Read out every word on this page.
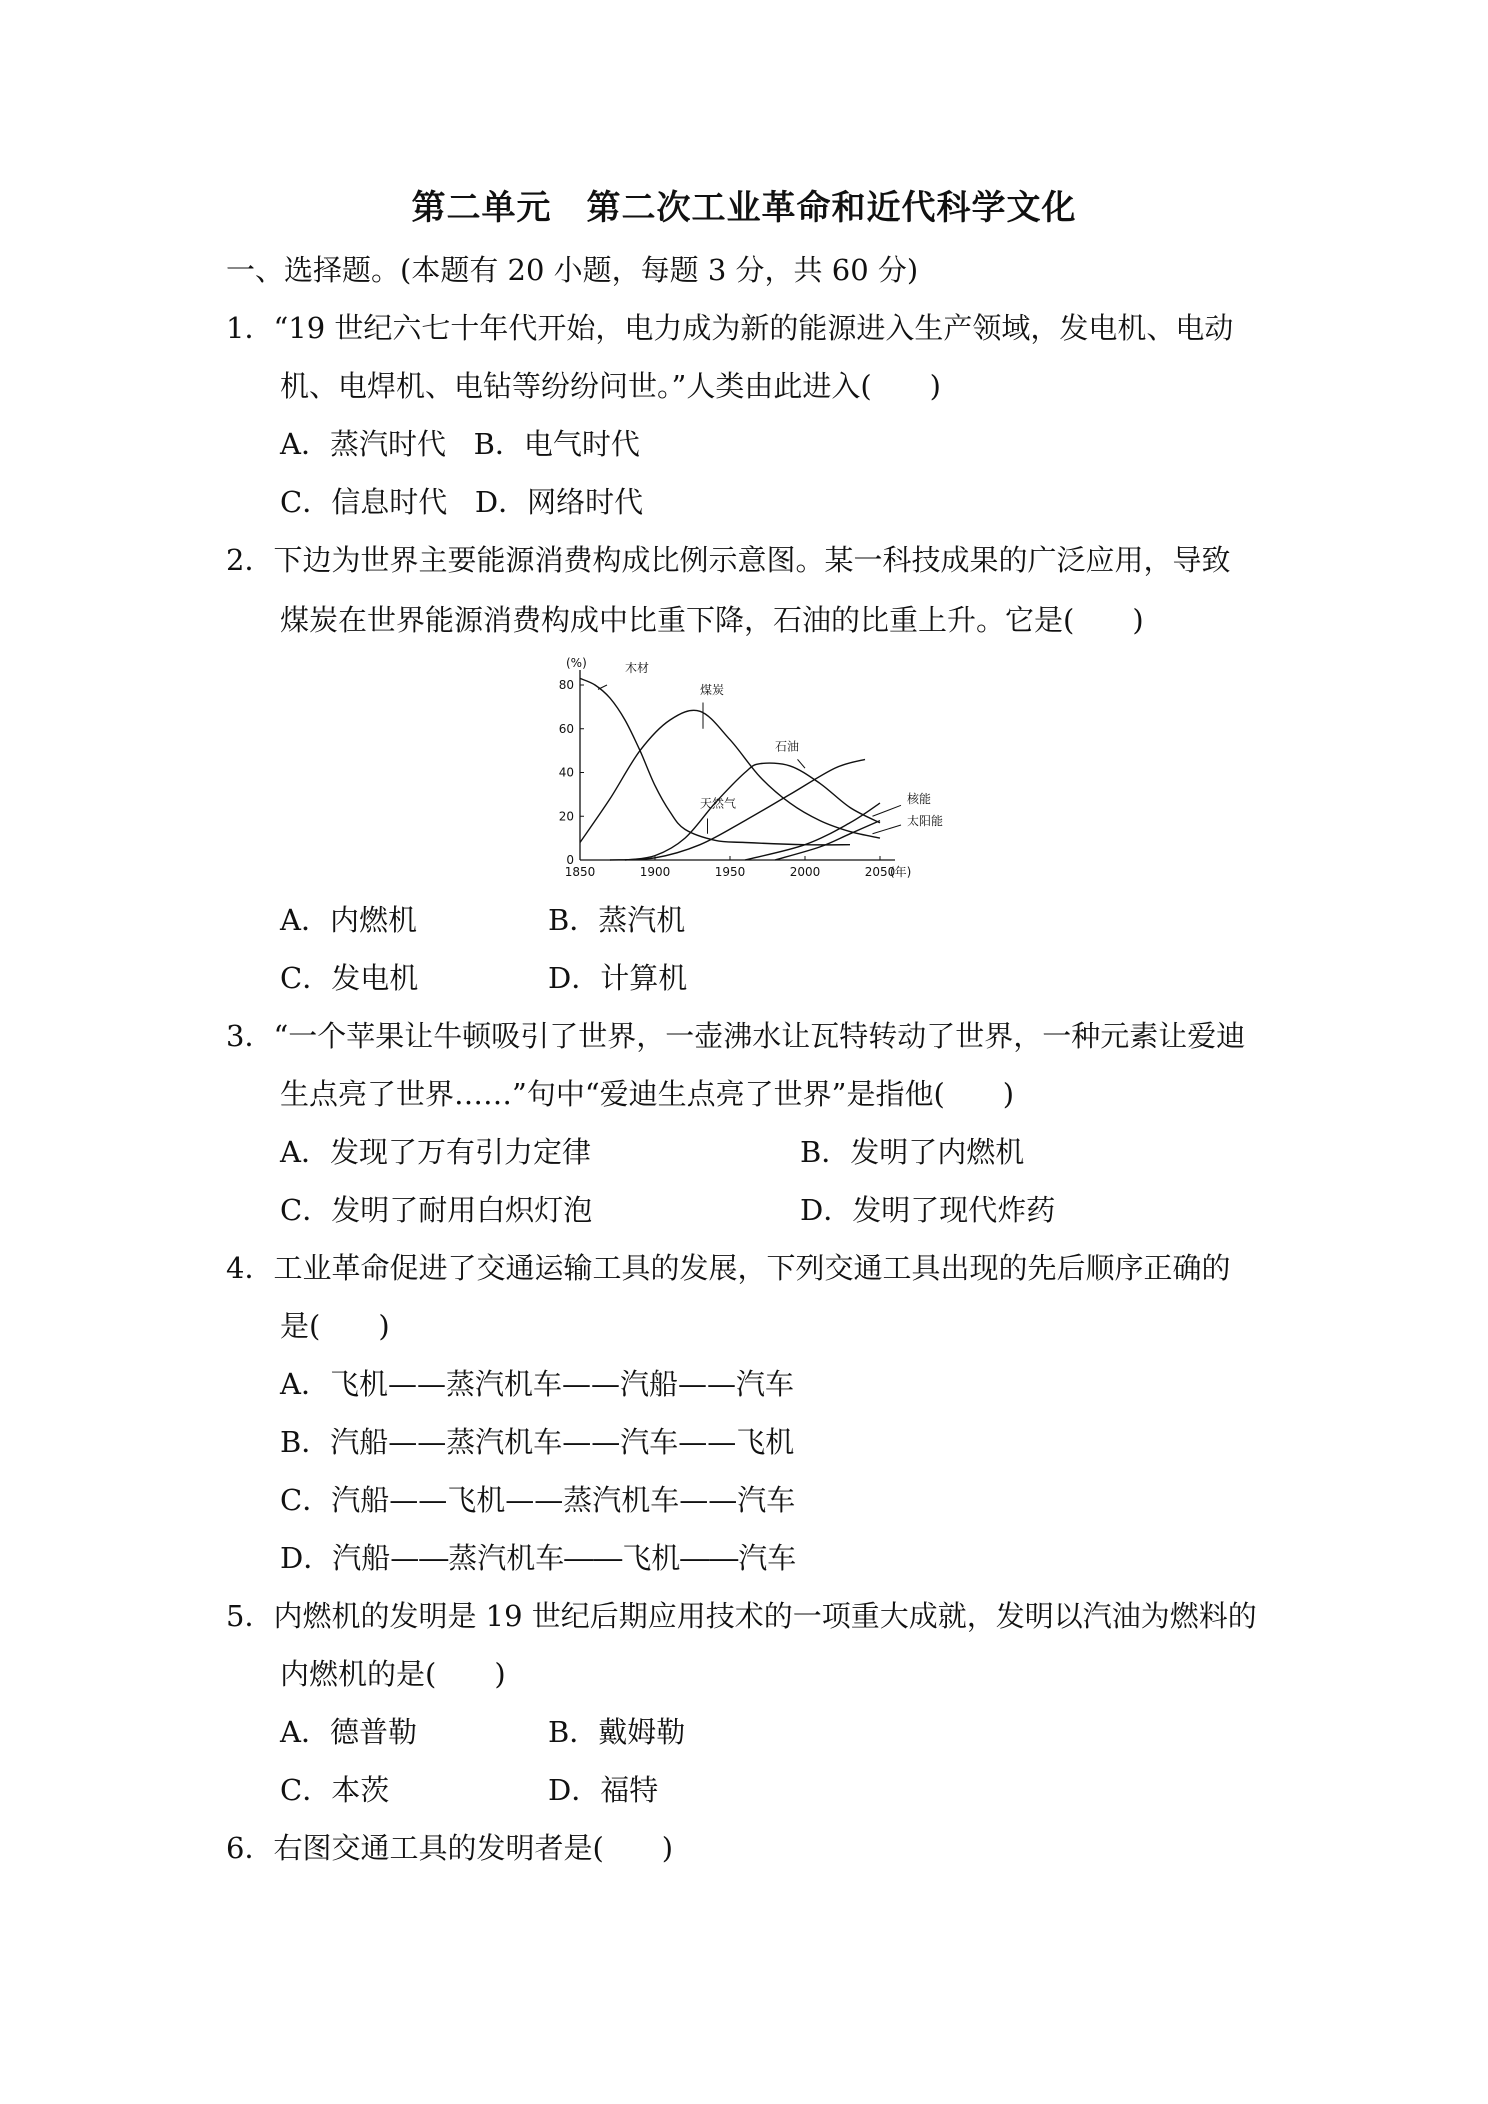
第二单元　第二次工业革命和近代科学文化
一、选择题。(本题有 20 小题，每题 3 分，共 60 分)
1．“19 世纪六七十年代开始，电力成为新的能源进入生产领域，发电机、电动
机、电焊机、电钻等纷纷问世。”人类由此进入(　　)
A．蒸汽时代 B．电气时代
C．信息时代 D．网络时代
2．下边为世界主要能源消费构成比例示意图。某一科技成果的广泛应用，导致
煤炭在世界能源消费构成中比重下降，石油的比重上升。它是(　　)
0
20
40
60
80
1850	1900	1950	2000	2050
(%)
(年)
木材
煤炭
石油
天然气	核能
太阳能
A．内燃机	B．蒸汽机
C．发电机	D．计算机
3．“一个苹果让牛顿吸引了世界，一壶沸水让瓦特转动了世界，一种元素让爱迪
生点亮了世界……”句中“爱迪生点亮了世界”是指他(　　)
A．发现了万有引力定律	B．发明了内燃机
C．发明了耐用白炽灯泡	D．发明了现代炸药
4．工业革命促进了交通运输工具的发展，下列交通工具出现的先后顺序正确的
是(　　)
A．飞机——蒸汽机车——汽船——汽车
B．汽船——蒸汽机车——汽车——飞机
C．汽船——飞机——蒸汽机车——汽车
D．汽船—―蒸汽机车――飞机――汽车
5．内燃机的发明是 19 世纪后期应用技术的一项重大成就，发明以汽油为燃料的
内燃机的是(　　)
A．德普勒	B．戴姆勒
C．本茨	D．福特
6．右图交通工具的发明者是(　　)
